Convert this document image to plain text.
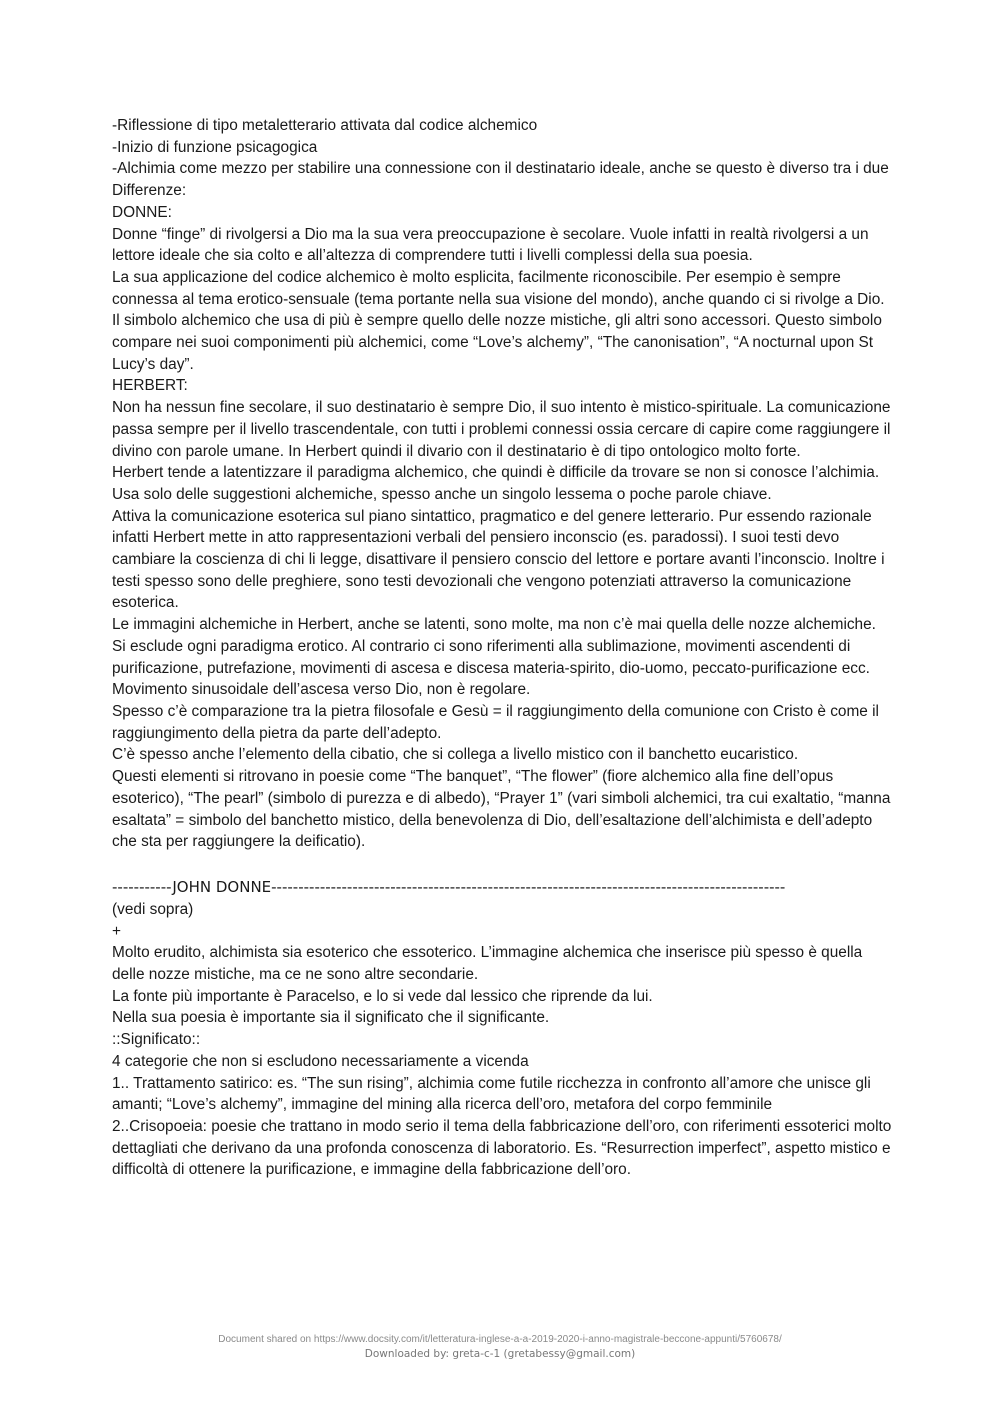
-Riflessione di tipo metaletterario attivata dal codice alchemico

-Inizio di funzione psicagogica

-Alchimia come mezzo per stabilire una connessione con il destinatario ideale, anche se questo è diverso tra i due

Differenze:

DONNE:

Donne “finge” di rivolgersi a Dio ma la sua vera preoccupazione è secolare. Vuole infatti in realtà rivolgersi a un lettore ideale che sia colto e all’altezza di comprendere tutti i livelli complessi della sua poesia.

La sua applicazione del codice alchemico è molto esplicita, facilmente riconoscibile. Per esempio è sempre connessa al tema erotico-sensuale (tema portante nella sua visione del mondo), anche quando ci si rivolge a Dio. Il simbolo alchemico che usa di più è sempre quello delle nozze mistiche, gli altri sono accessori. Questo simbolo compare nei suoi componimenti più alchemici, come “Love’s alchemy”, “The canonisation”, “A nocturnal upon St Lucy’s day”.

HERBERT:

Non ha nessun fine secolare, il suo destinatario è sempre Dio, il suo intento è mistico-spirituale. La comunicazione passa sempre per il livello trascendentale, con tutti i problemi connessi ossia cercare di capire come raggiungere il divino con parole umane. In Herbert quindi il divario con il destinatario è di tipo ontologico molto forte.

Herbert tende a latentizzare il paradigma alchemico, che quindi è difficile da trovare se non si conosce l’alchimia. Usa solo delle suggestioni alchemiche, spesso anche un singolo lessema o poche parole chiave.

Attiva la comunicazione esoterica sul piano sintattico, pragmatico e del genere letterario. Pur essendo razionale infatti Herbert mette in atto rappresentazioni verbali del pensiero inconscio (es. paradossi). I suoi testi devo cambiare la coscienza di chi li legge, disattivare il pensiero conscio del lettore e portare avanti l’inconscio. Inoltre i testi spesso sono delle preghiere, sono testi devozionali che vengono potenziati attraverso la comunicazione esoterica.

Le immagini alchemiche in Herbert, anche se latenti, sono molte, ma non c’è mai quella delle nozze alchemiche. Si esclude ogni paradigma erotico. Al contrario ci sono riferimenti alla sublimazione, movimenti ascendenti di purificazione, putrefazione, movimenti di ascesa e discesa materia-spirito, dio-uomo, peccato-purificazione ecc.

Movimento sinusoidale dell’ascesa verso Dio, non è regolare.

Spesso c’è comparazione tra la pietra filosofale e Gesù = il raggiungimento della comunione con Cristo è come il raggiungimento della pietra da parte dell’adepto.

C’è spesso anche l’elemento della cibatio, che si collega a livello mistico con il banchetto eucaristico.

Questi elementi si ritrovano in poesie come “The banquet”, “The flower” (fiore alchemico alla fine dell’opus esoterico), “The pearl” (simbolo di purezza e di albedo), “Prayer 1” (vari simboli alchemici, tra cui exaltatio, “manna esaltata” = simbolo del banchetto mistico, della benevolenza di Dio, dell’esaltazione dell’alchimista e dell’adepto che sta per raggiungere la deificatio).

-----------JOHN DONNE-----------------------------------------------------------------------------------------------

(vedi sopra)

+

Molto erudito, alchimista sia esoterico che essoterico. L’immagine alchemica che inserisce più spesso è quella delle nozze mistiche, ma ce ne sono altre secondarie.

La fonte più importante è Paracelso, e lo si vede dal lessico che riprende da lui.

Nella sua poesia è importante sia il significato che il significante.

::Significato::

4 categorie che non si escludono necessariamente a vicenda

1.. Trattamento satirico: es. “The sun rising”, alchimia come futile ricchezza in confronto all’amore che unisce gli amanti; “Love’s alchemy”, immagine del mining alla ricerca dell’oro, metafora del corpo femminile

2..Crisopoeia: poesie che trattano in modo serio il tema della fabbricazione dell’oro, con riferimenti essoterici molto dettagliati che derivano da una profonda conoscenza di laboratorio. Es. “Resurrection imperfect”, aspetto mistico e difficoltà di ottenere la purificazione, e immagine della fabbricazione dell’oro.

Document shared on https://www.docsity.com/it/letteratura-inglese-a-a-2019-2020-i-anno-magistrale-beccone-appunti/5760678/
Downloaded by: greta-c-1 (gretabessy@gmail.com)
